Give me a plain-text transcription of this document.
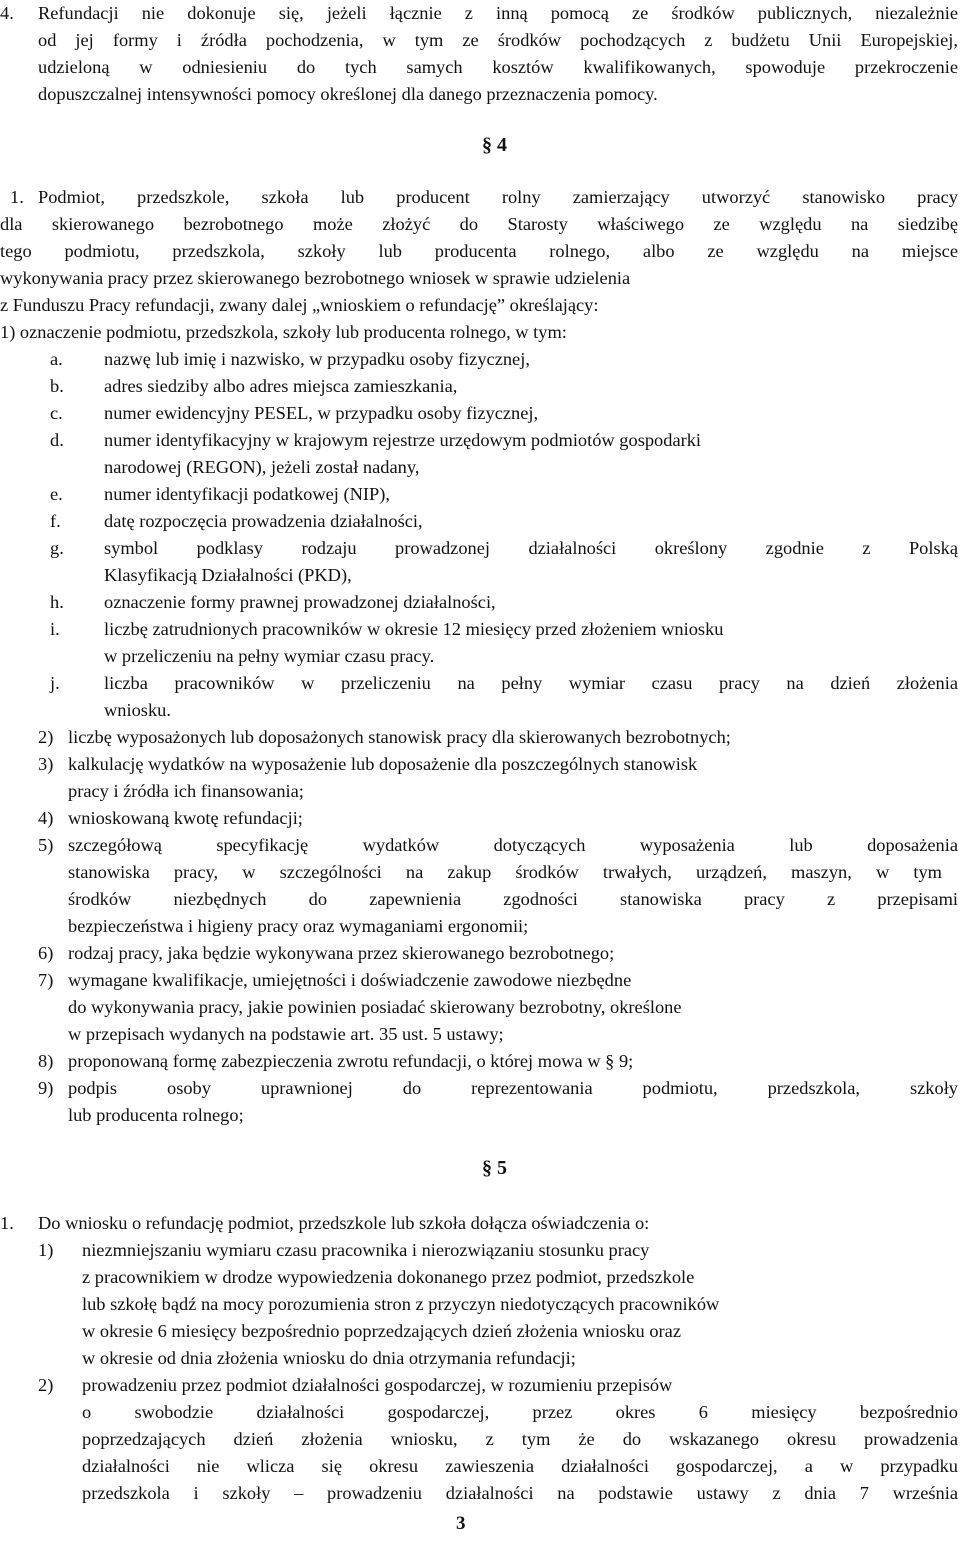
4. Refundacji nie dokonuje się, jeżeli łącznie z inną pomocą ze środków publicznych, niezależnie
od jej formy i źródła pochodzenia, w tym ze środków pochodzących z budżetu Unii Europejskiej,
udzieloną w odniesieniu do tych samych kosztów kwalifikowanych, spowoduje przekroczenie
dopuszczalnej intensywności pomocy określonej dla danego przeznaczenia pomocy.
§ 4
1. Podmiot, przedszkole, szkoła lub producent rolny zamierzający utworzyć stanowisko pracy
dla skierowanego bezrobotnego może złożyć do Starosty właściwego ze względu na siedzibę
tego podmiotu, przedszkola, szkoły lub producenta rolnego, albo ze względu na miejsce
wykonywania pracy przez skierowanego bezrobotnego wniosek w sprawie udzielenia
z Funduszu Pracy refundacji, zwany dalej „wnioskiem o refundację” określający:
1) oznaczenie podmiotu, przedszkola, szkoły lub producenta rolnego, w tym:
a. nazwę lub imię i nazwisko, w przypadku osoby fizycznej,
b. adres siedziby albo adres miejsca zamieszkania,
c. numer ewidencyjny PESEL, w przypadku osoby fizycznej,
d. numer identyfikacyjny w krajowym rejestrze urzędowym podmiotów gospodarki
narodowej (REGON), jeżeli został nadany,
e. numer identyfikacji podatkowej (NIP),
f. datę rozpoczęcia prowadzenia działalności,
g. symbol podklasy rodzaju prowadzonej działalności określony zgodnie z Polską
Klasyfikacją Działalności (PKD),
h. oznaczenie formy prawnej prowadzonej działalności,
i. liczbę zatrudnionych pracowników w okresie 12 miesięcy przed złożeniem wniosku
w przeliczeniu na pełny wymiar czasu pracy.
j. liczba pracowników w przeliczeniu na pełny wymiar czasu pracy na dzień złożenia
wniosku.
2) liczbę wyposażonych lub doposażonych stanowisk pracy dla skierowanych bezrobotnych;
3) kalkulację wydatków na wyposażenie lub doposażenie dla poszczególnych stanowisk
pracy i źródła ich finansowania;
4) wnioskowaną kwotę refundacji;
5) szczegółową specyfikację wydatków dotyczących wyposażenia lub doposażenia
stanowiska pracy, w szczególności na zakup środków trwałych, urządzeń, maszyn, w tym
środków niezbędnych do zapewnienia zgodności stanowiska pracy z przepisami
bezpieczeństwa i higieny pracy oraz wymaganiami ergonomii;
6) rodzaj pracy, jaka będzie wykonywana przez skierowanego bezrobotnego;
7) wymagane kwalifikacje, umiejętności i doświadczenie zawodowe niezbędne
do wykonywania pracy, jakie powinien posiadać skierowany bezrobotny, określone
w przepisach wydanych na podstawie art. 35 ust. 5 ustawy;
8) proponowaną formę zabezpieczenia zwrotu refundacji, o której mowa w § 9;
9) podpis osoby uprawnionej do reprezentowania podmiotu, przedszkola, szkoły
lub producenta rolnego;
§ 5
1. Do wniosku o refundację podmiot, przedszkole lub szkoła dołącza oświadczenia o:
1) niezmniejszaniu wymiaru czasu pracownika i nierozwiązaniu stosunku pracy
z pracownikiem w drodze wypowiedzenia dokonanego przez podmiot, przedszkole
lub szkołę bądź na mocy porozumienia stron z przyczyn niedotyczących pracowników
w okresie 6 miesięcy bezpośrednio poprzedzających dzień złożenia wniosku oraz
w okresie od dnia złożenia wniosku do dnia otrzymania refundacji;
2) prowadzeniu przez podmiot działalności gospodarczej, w rozumieniu przepisów
o swobodzie działalności gospodarczej, przez okres 6 miesięcy bezpośrednio
poprzedzających dzień złożenia wniosku, z tym że do wskazanego okresu prowadzenia
działalności nie wlicza się okresu zawieszenia działalności gospodarczej, a w przypadku
przedszkola i szkoły – prowadzeniu działalności na podstawie ustawy z dnia 7 września
3
